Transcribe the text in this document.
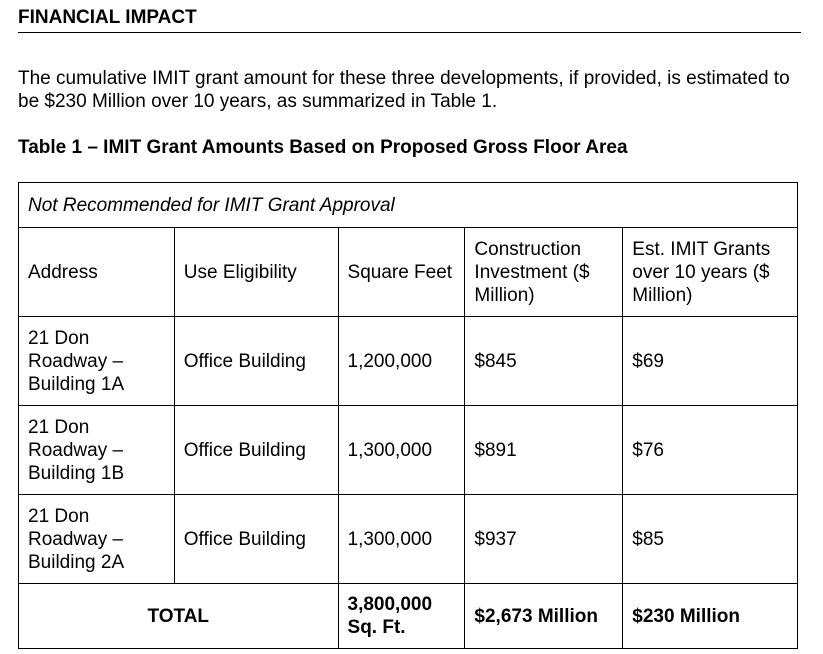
FINANCIAL IMPACT

The cumulative IMIT grant amount for these three developments, if provided, is estimated to be $230 Million over 10 years, as summarized in Table 1.

Table 1 – IMIT Grant Amounts Based on Proposed Gross Floor Area

Not Recommended for IMIT Grant Approval				
Address	Use Eligibility	Square Feet	Construction Investment ($ Million)	Est. IMIT Grants over 10 years ($ Million)
21 Don Roadway – Building 1A	Office Building	1,200,000	$845	$69
21 Don Roadway – Building 1B	Office Building	1,300,000	$891	$76
21 Don Roadway – Building 2A	Office Building	1,300,000	$937	$85
TOTAL		3,800,000 Sq. Ft.	$2,673 Million	$230 Million
